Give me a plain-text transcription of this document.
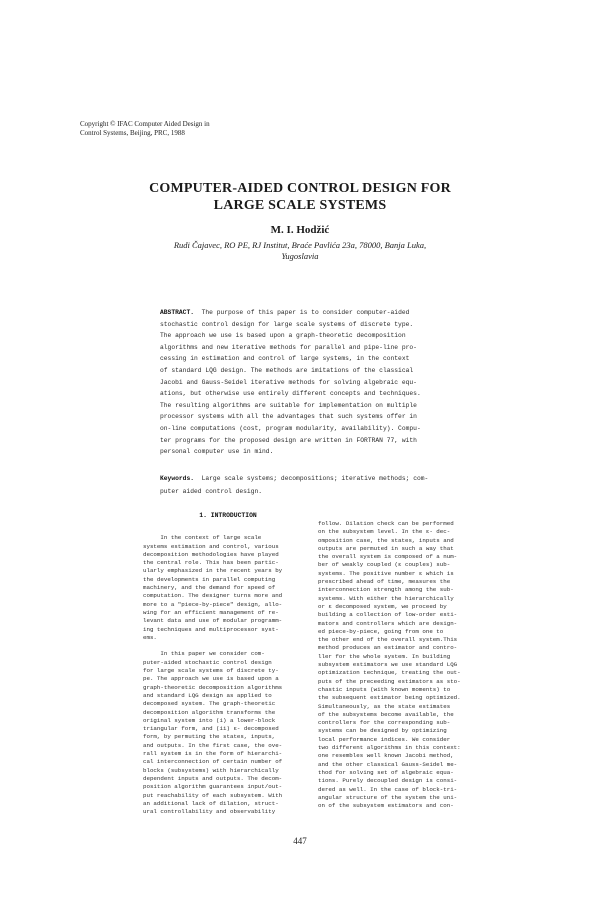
Copyright © IFAC Computer Aided Design in
Control Systems, Beijing, PRC, 1988
COMPUTER-AIDED CONTROL DESIGN FOR
LARGE SCALE SYSTEMS
M. I. Hodžić
Rudi Čajavec, RO PE, RJ Institut, Braće Pavlića 23a, 78000, Banja Luka,
Yugoslavia
ABSTRACT. The purpose of this paper is to consider computer-aided
stochastic control design for large scale systems of discrete type.
The approach we use is based upon a graph-theoretic decomposition
algorithms and new iterative methods for parallel and pipe-line pro-
cessing in estimation and control of large systems, in the context
of standard LQG design. The methods are imitations of the classical
Jacobi and Gauss-Seidel iterative methods for solving algebraic equ-
ations, but otherwise use entirely different concepts and techniques.
The resulting algorithms are suitable for implementation on multiple
processor systems with all the advantages that such systems offer in
on-line computations (cost, program modularity, availability). Compu-
ter programs for the proposed design are written in FORTRAN 77, with
personal computer use in mind.
Keywords. Large scale systems; decompositions; iterative methods; com-
puter aided control design.
1. INTRODUCTION
In the context of large scale
systems estimation and control, various
decomposition methodologies have played
the central role. This has been partic-
ularly emphasized in the recent years by
the developments in parallel computing
machinery, and the demand for speed of
computation. The designer turns more and
more to a "piece-by-piece" design, allo-
wing for an efficient management of re-
levant data and use of modular programm-
ing techniques and multiprocessor syst-
ems.
In this paper we consider com-
puter-aided stochastic control design
for large scale systems of discrete ty-
pe. The approach we use is based upon a
graph-theoretic decomposition algorithms
and standard LQG design as applied to
decomposed system. The graph-theoretic
decomposition algorithm transforms the
original system into (i) a lower-block
triangular form, and (ii) ε- decomposed
form, by permuting the states, inputs,
and outputs. In the first case, the ove-
rall system is in the form of hierarchi-
cal interconnection of certain number of
blocks (subsystems) with hierarchically
dependent inputs and outputs. The decom-
position algorithm guarantees input/out-
put reachability of each subsystem. With
an additional lack of dilation, struct-
ural controllability and observability
follow. Dilation check can be performed
on the subsystem level. In the ε- dec-
omposition case, the states, inputs and
outputs are permuted in such a way that
the overall system is composed of a num-
ber of weakly coupled (ε couples) sub-
systems. The positive number ε which is
prescribed ahead of time, measures the
interconnection strength among the sub-
systems. With either the hierarchically
or ε decomposed system, we proceed by
building a collection of low-order esti-
mators and controllers which are design-
ed piece-by-piece, going from one to
the other end of the overall system.This
method produces an estimator and contro-
ller for the whole system. In building
subsystem estimators we use standard LQG
optimization technique, treating the out-
puts of the preceeding estimators as sto-
chastic inputs (with known moments) to
the subsequent estimator being optimized.
Simultaneously, as the state estimates
of the subsystems become available, the
controllers for the corresponding sub-
systems can be designed by optimizing
local performance indices. We consider
two different algorithms in this context:
one resembles well known Jacobi method,
and the other classical Gauss-Seidel me-
thod for solving set of algebraic equa-
tions. Purely decoupled design is consi-
dered as well. In the case of block-tri-
angular structure of the system the uni-
on of the subsystem estimators and con-
447
